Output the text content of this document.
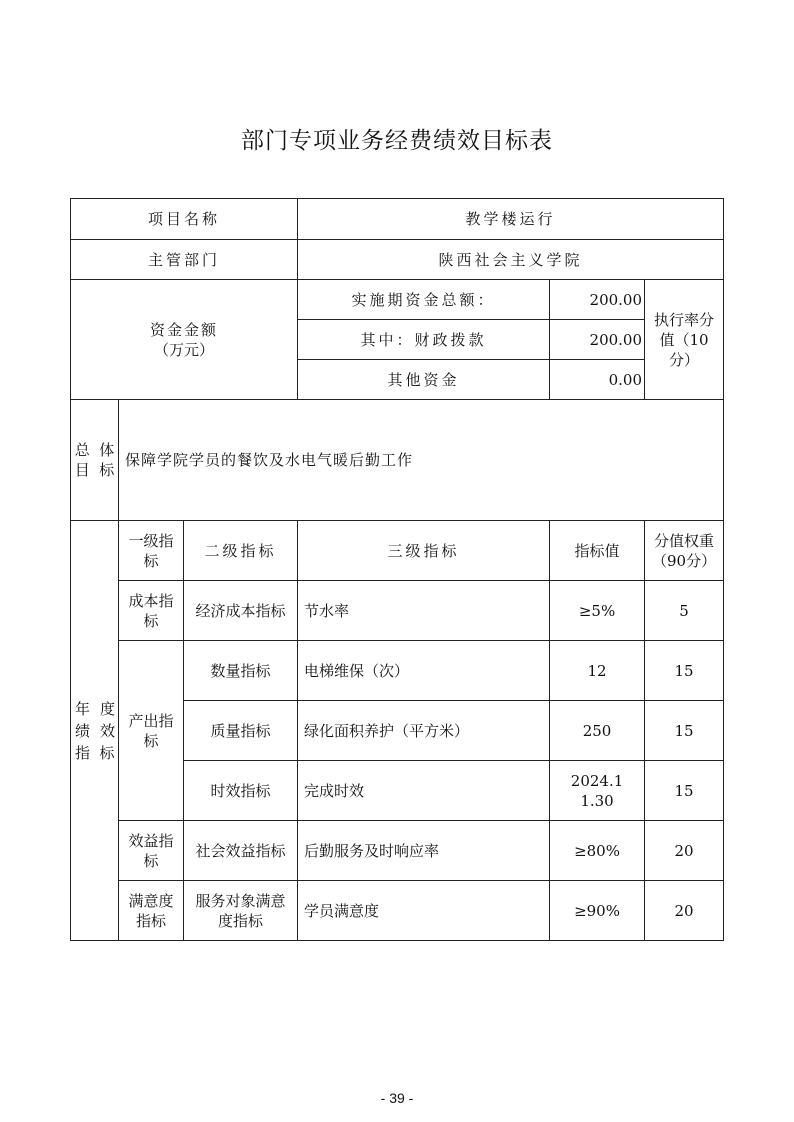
部门专项业务经费绩效目标表
项目名称			教学楼运行		
主管部门			陕西社会主义学院		

资金金额
（万元）			实施期资金总额：	200.00	执行率分值（10分）

			其中：财政拨款	200.00	
			其他资金	0.00	

总  体
目  标	保障学院学员的餐饮及水电气暖后勤工作				

年  度绩  效指  标	一级指标	二级指标	三级指标	指标值	分值权重（90分）

	成本指标	经济成本指标	节水率	≥5%	5

	产出指标	数量指标	电梯维保（次）	12	15
		质量指标	绿化面积养护（平方米）	250	15
		时效指标	完成时效	2024.11.30	15

	效益指标	社会效益指标	后勤服务及时响应率	≥80%	20

	满意度指标	服务对象满意度指标	学员满意度	≥90%	20
- 39 -
